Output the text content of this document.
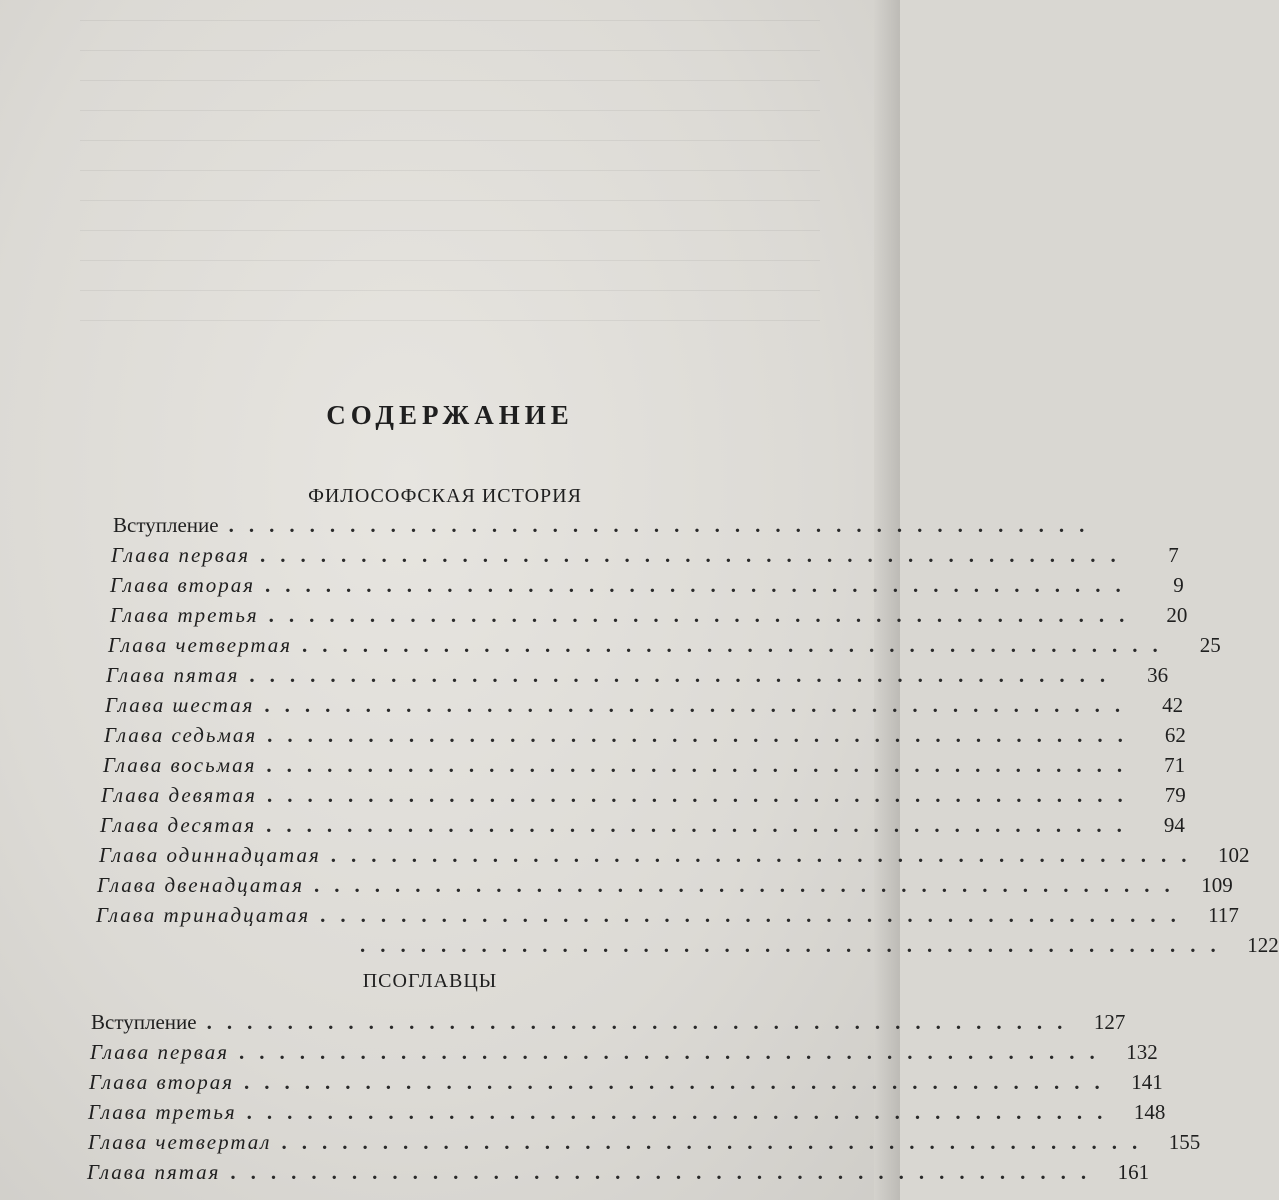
СОДЕРЖАНИЕ
ФИЛОСОФСКАЯ ИСТОРИЯ
Вступление ...........................................
Глава первая ...........................................	7
Глава вторая ...........................................	9
Глава третья ...........................................	20
Глава четвертая ...........................................	25
Глава пятая ...........................................	36
Глава шестая ...........................................	42
Глава седьмая ...........................................	62
Глава восьмая ...........................................	71
Глава девятая ...........................................	79
Глава десятая ...........................................	94
Глава одиннадцатая ........................................... 102
Глава двенадцатая ........................................... 109
Глава тринадцатая ........................................... 117
........................................... 122
ПСОГЛАВЦЫ
Вступление ........................................... 127
Глава первая ........................................... 132
Глава вторая ........................................... 141
Глава третья ........................................... 148
Глава четвертал ........................................... 155
Глава пятая ........................................... 161
